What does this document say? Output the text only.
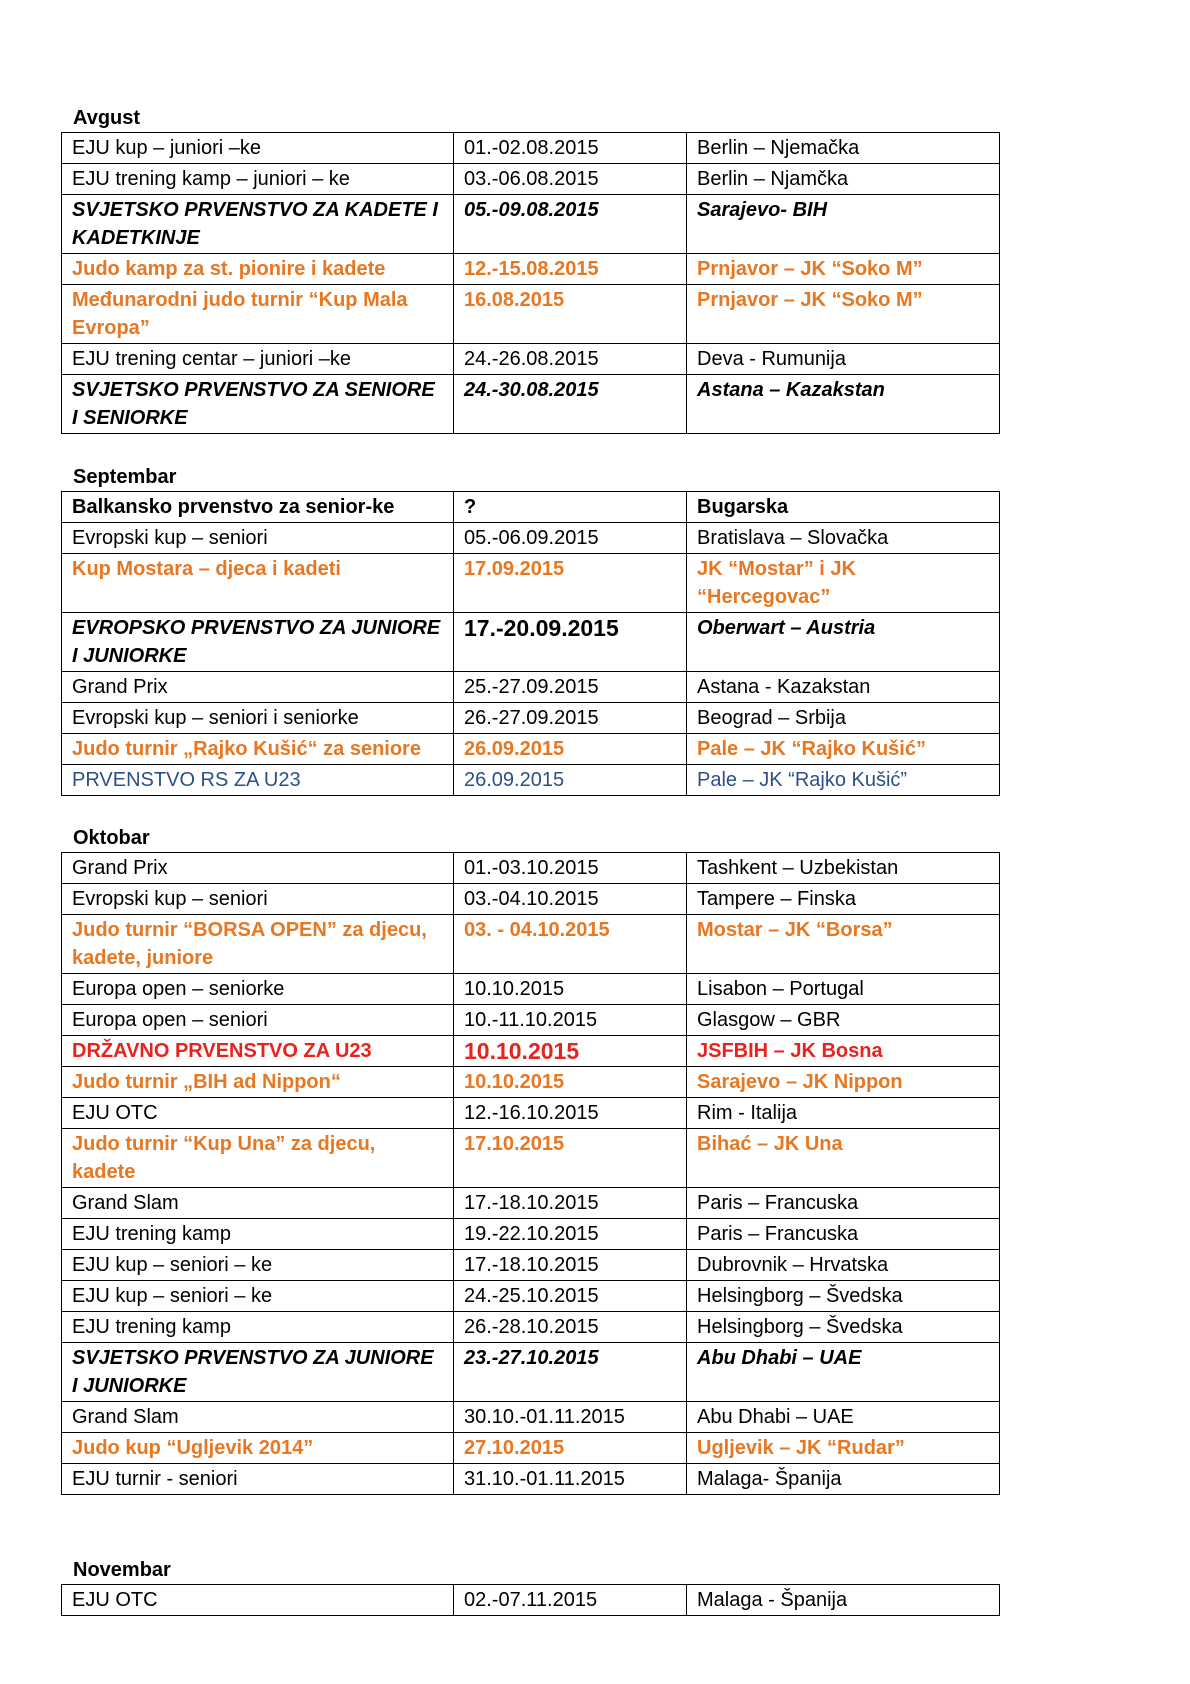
Avgust
EJU kup – juniori –ke	01.-02.08.2015	Berlin – Njemačka
EJU trening kamp – juniori – ke	03.-06.08.2015	Berlin – Njamčka
SVJETSKO PRVENSTVO ZA KADETE I KADETKINJE	05.-09.08.2015	Sarajevo- BIH
Judo kamp za st. pionire i kadete	12.-15.08.2015	Prnjavor – JK “Soko M”
Međunarodni judo turnir “Kup Mala Evropa”	16.08.2015	Prnjavor – JK “Soko M”
EJU trening centar – juniori –ke	24.-26.08.2015	Deva - Rumunija
SVJETSKO PRVENSTVO ZA SENIORE I SENIORKE	24.-30.08.2015	Astana – Kazakstan
Septembar
Balkansko prvenstvo za senior-ke	?	Bugarska
Evropski kup – seniori	05.-06.09.2015	Bratislava – Slovačka
Kup Mostara – djeca i kadeti	17.09.2015	JK “Mostar” i JK “Hercegovac”
EVROPSKO PRVENSTVO ZA JUNIORE I JUNIORKE	17.-20.09.2015	Oberwart – Austria
Grand Prix	25.-27.09.2015	Astana - Kazakstan
Evropski kup – seniori i seniorke	26.-27.09.2015	Beograd – Srbija
Judo turnir „Rajko Kušić“ za seniore	26.09.2015	Pale – JK “Rajko Kušić”
PRVENSTVO RS ZA U23	26.09.2015	Pale – JK “Rajko Kušić”
Oktobar
Grand Prix	01.-03.10.2015	Tashkent – Uzbekistan
Evropski kup – seniori	03.-04.10.2015	Tampere – Finska
Judo turnir “BORSA OPEN” za djecu, kadete, juniore	03. - 04.10.2015	Mostar – JK “Borsa”
Europa open – seniorke	10.10.2015	Lisabon – Portugal
Europa open – seniori	10.-11.10.2015	Glasgow – GBR
DRŽAVNO PRVENSTVO ZA U23	10.10.2015	JSFBIH – JK Bosna
Judo turnir „BIH ad Nippon“	10.10.2015	Sarajevo – JK Nippon
EJU OTC	12.-16.10.2015	Rim - Italija
Judo turnir “Kup Una” za djecu, kadete	17.10.2015	Bihać – JK Una
Grand Slam	17.-18.10.2015	Paris – Francuska
EJU trening kamp	19.-22.10.2015	Paris – Francuska
EJU kup – seniori – ke	17.-18.10.2015	Dubrovnik – Hrvatska
EJU kup – seniori – ke	24.-25.10.2015	Helsingborg – Švedska
EJU trening kamp	26.-28.10.2015	Helsingborg – Švedska
SVJETSKO PRVENSTVO ZA JUNIORE I JUNIORKE	23.-27.10.2015	Abu Dhabi – UAE
Grand Slam	30.10.-01.11.2015	Abu Dhabi – UAE
Judo kup “Ugljevik 2014”	27.10.2015	Ugljevik – JK “Rudar”
EJU turnir - seniori	31.10.-01.11.2015	Malaga- Španija
Novembar
EJU OTC	02.-07.11.2015	Malaga - Španija
